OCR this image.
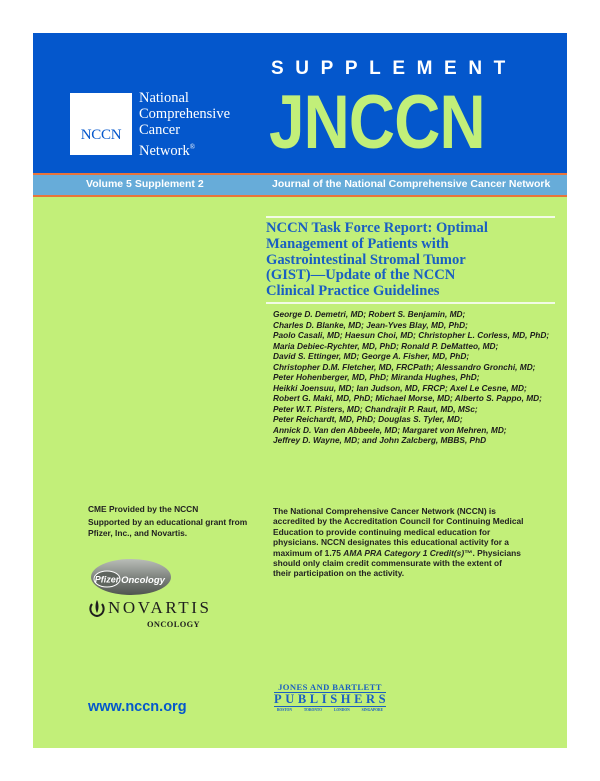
NCCN
National
Comprehensive
Cancer
Network®
SUPPLEMENT
JNCCN
Volume 5 Supplement 2	Journal of the National Comprehensive Cancer Network
NCCN Task Force Report: Optimal
Management of Patients with
Gastrointestinal Stromal Tumor
(GIST)—Update of the NCCN
Clinical Practice Guidelines
George D. Demetri, MD; Robert S. Benjamin, MD;
Charles D. Blanke, MD; Jean-Yves Blay, MD, PhD;
Paolo Casali, MD; Haesun Choi, MD; Christopher L. Corless, MD, PhD;
Maria Debiec-Rychter, MD, PhD; Ronald P. DeMatteo, MD;
David S. Ettinger, MD; George A. Fisher, MD, PhD;
Christopher D.M. Fletcher, MD, FRCPath; Alessandro Gronchi, MD;
Peter Hohenberger, MD, PhD; Miranda Hughes, PhD;
Heikki Joensuu, MD; Ian Judson, MD, FRCP; Axel Le Cesne, MD;
Robert G. Maki, MD, PhD; Michael Morse, MD; Alberto S. Pappo, MD;
Peter W.T. Pisters, MD; Chandrajit P. Raut, MD, MSc;
Peter Reichardt, MD, PhD; Douglas S. Tyler, MD;
Annick D. Van den Abbeele, MD; Margaret von Mehren, MD;
Jeffrey D. Wayne, MD; and John Zalcberg, MBBS, PhD
CME Provided by the NCCN
Supported by an educational grant from
Pfizer, Inc., and Novartis.
Pfizer Oncology
NOVARTIS
ONCOLOGY
The National Comprehensive Cancer Network (NCCN) is
accredited by the Accreditation Council for Continuing Medical
Education to provide continuing medical education for
physicians. NCCN designates this educational activity for a
maximum of 1.75 AMA PRA Category 1 Credit(s)™. Physicians
should only claim credit commensurate with the extent of
their participation on the activity.
www.nccn.org
JONES AND BARTLETT
PUBLISHERS
BOSTON	TORONTO	LONDON	SINGAPORE
